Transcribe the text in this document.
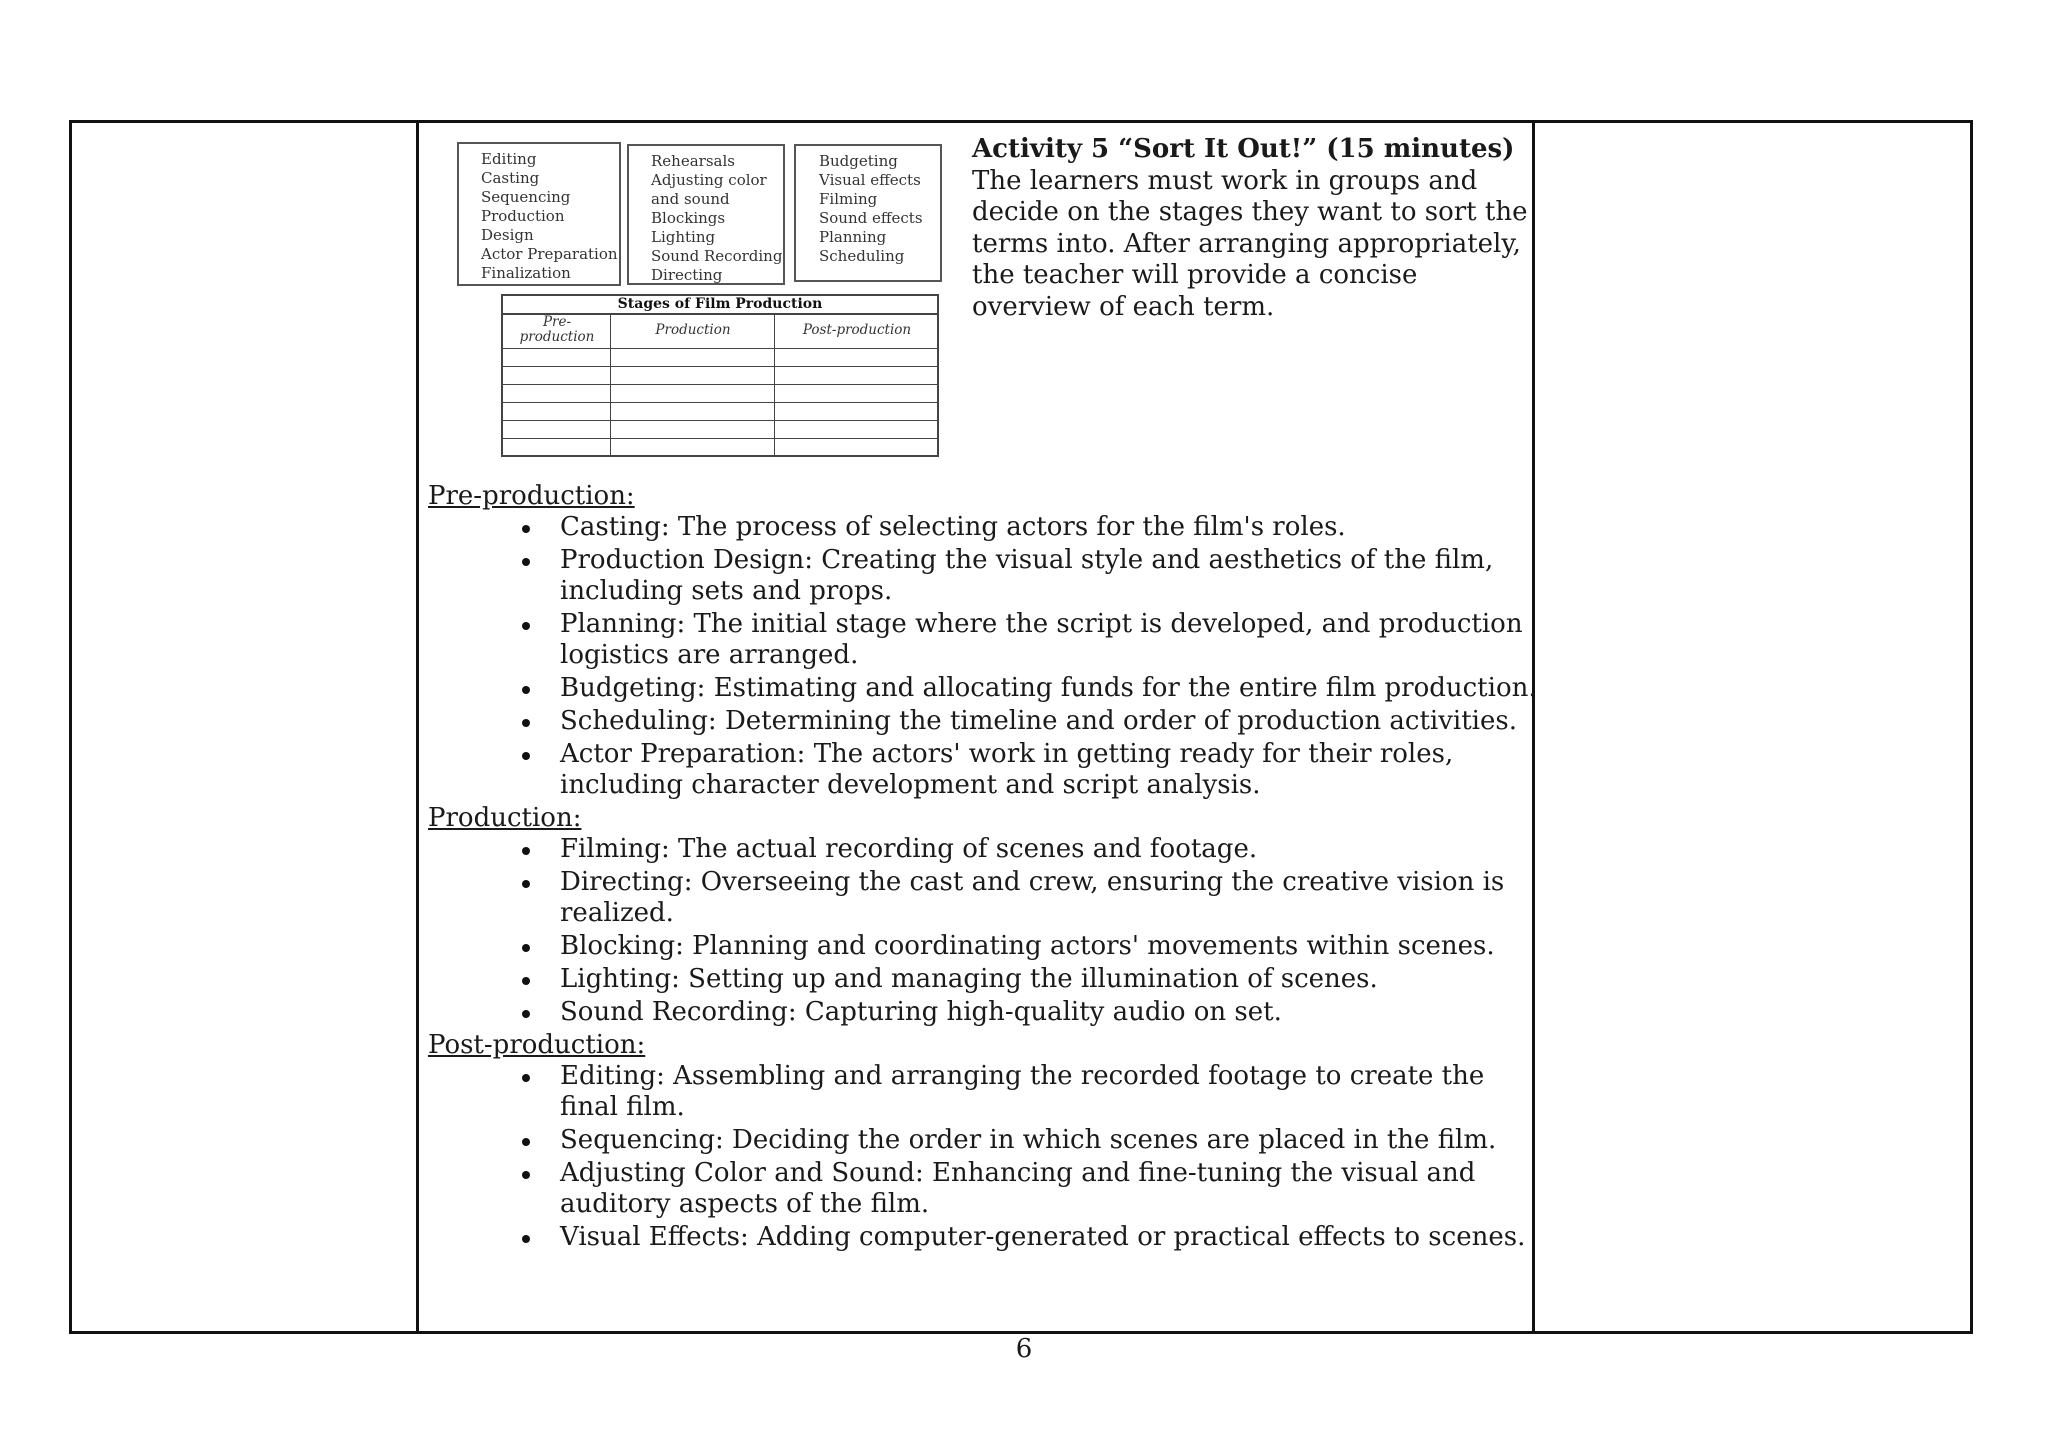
Editing
Casting
Sequencing
Production
Design
Actor Preparation
Finalization
Rehearsals
Adjusting color
and sound
Blockings
Lighting
Sound Recording
Directing
Budgeting
Visual effects
Filming
Sound effects
Planning
Scheduling
Stages of Film Production
Pre-
production	Production	Post-production
Activity 5 “Sort It Out!” (15 minutes)
The learners must work in groups and decide on the stages they want to sort the terms into. After arranging appropriately, the teacher will provide a concise overview of each term.
Pre-production:
Casting: The process of selecting actors for the film's roles.
Production Design: Creating the visual style and aesthetics of the film, including sets and props.
Planning: The initial stage where the script is developed, and production logistics are arranged.
Budgeting: Estimating and allocating funds for the entire film production.
Scheduling: Determining the timeline and order of production activities.
Actor Preparation: The actors' work in getting ready for their roles, including character development and script analysis.
Production:
Filming: The actual recording of scenes and footage.
Directing: Overseeing the cast and crew, ensuring the creative vision is realized.
Blocking: Planning and coordinating actors' movements within scenes.
Lighting: Setting up and managing the illumination of scenes.
Sound Recording: Capturing high-quality audio on set.
Post-production:
Editing: Assembling and arranging the recorded footage to create the final film.
Sequencing: Deciding the order in which scenes are placed in the film.
Adjusting Color and Sound: Enhancing and fine-tuning the visual and auditory aspects of the film.
Visual Effects: Adding computer-generated or practical effects to scenes.
6
